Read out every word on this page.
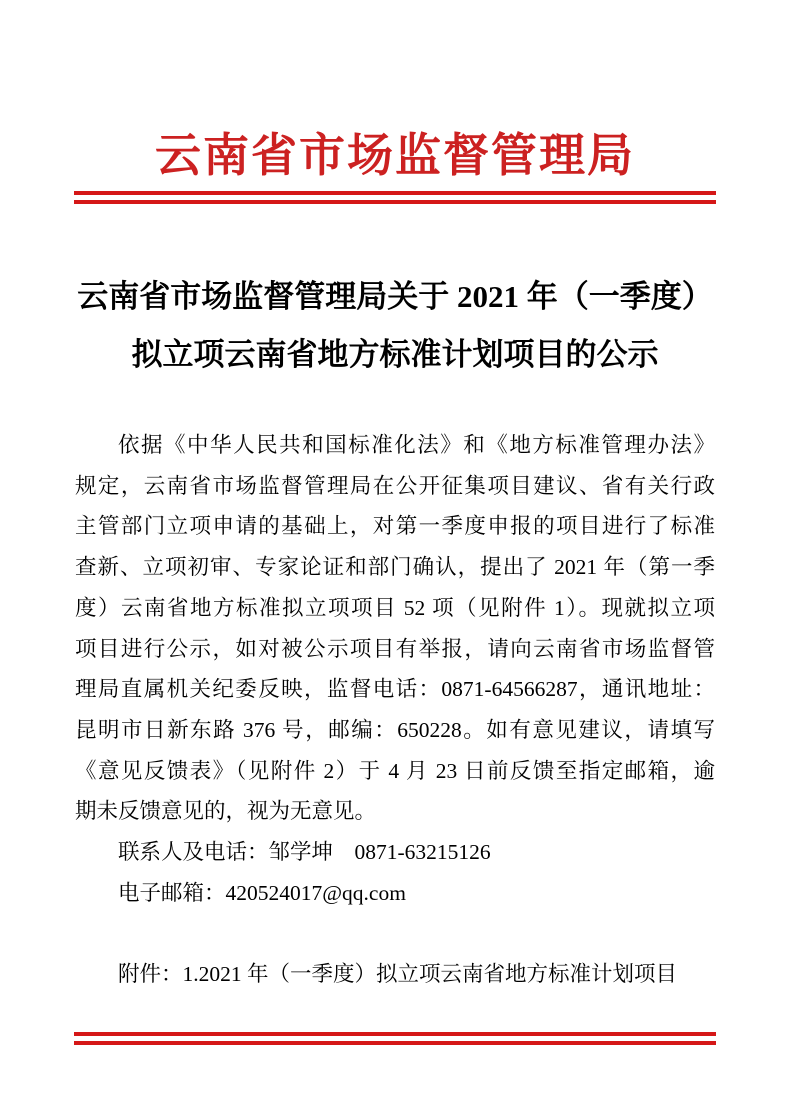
云南省市场监督管理局
云南省市场监督管理局关于 2021 年（一季度）
拟立项云南省地方标准计划项目的公示
依据《中华人民共和国标准化法》和《地方标准管理办法》
规定，云南省市场监督管理局在公开征集项目建议、省有关行政
主管部门立项申请的基础上，对第一季度申报的项目进行了标准
查新、立项初审、专家论证和部门确认，提出了 2021 年（第一季
度）云南省地方标准拟立项项目 52 项（见附件 1）。现就拟立项
项目进行公示，如对被公示项目有举报，请向云南省市场监督管
理局直属机关纪委反映，监督电话：0871-64566287，通讯地址：
昆明市日新东路 376 号，邮编：650228。如有意见建议，请填写
《意见反馈表》（见附件 2）于 4 月 23 日前反馈至指定邮箱，逾
期未反馈意见的，视为无意见。
联系人及电话：邹学坤　0871-63215126
电子邮箱：420524017@qq.com
附件：1.2021 年（一季度）拟立项云南省地方标准计划项目
